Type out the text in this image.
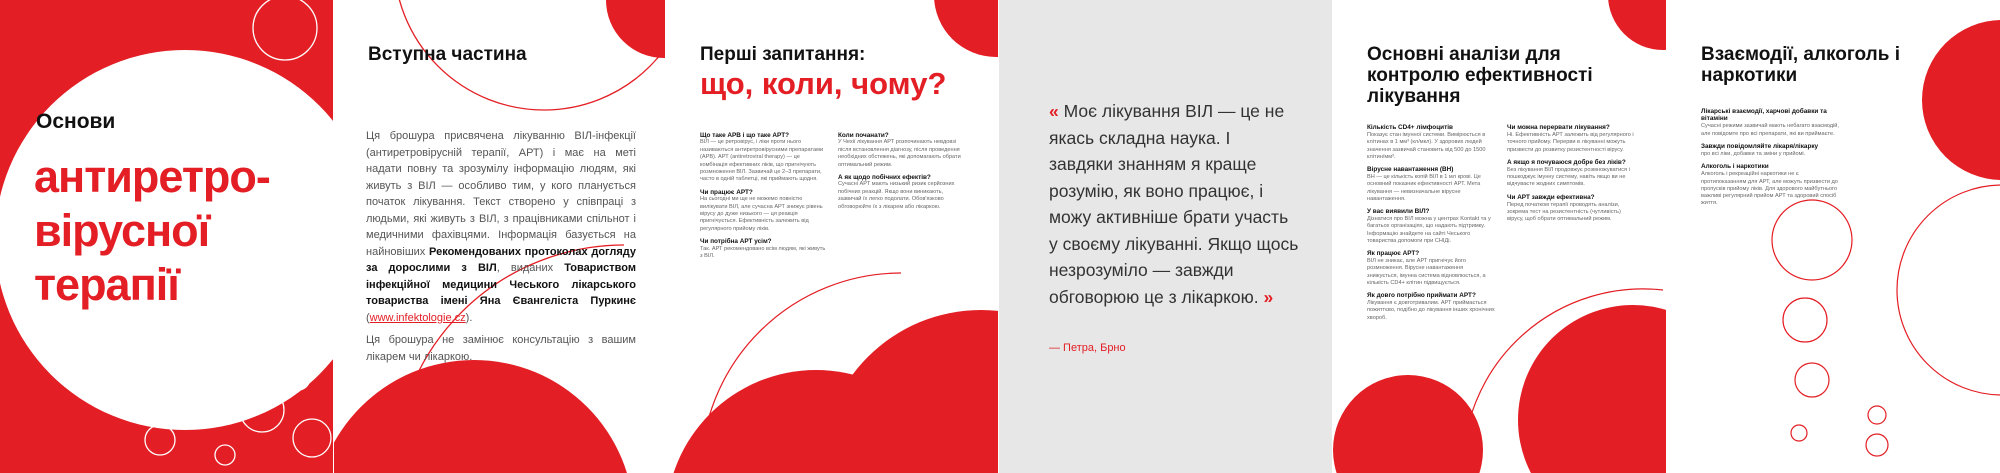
Основи
антиретро-
вірусної
терапії
Вступна частина

Ця брошура присвячена лікуванню ВІЛ-інфекції (антиретровірусній терапії, АРТ) і має на меті надати повну та зрозумілу інформацію людям, які живуть з ВІЛ — особливо тим, у кого планується початок лікування. Текст створено у співпраці з людьми, які живуть з ВІЛ, з працівниками спільнот і медичними фахівцями. Інформація базується на найновіших Рекомендованих протоколах догляду за дорослими з ВІЛ, виданих Товариством інфекційної медицини Чеського лікарського товариства імені Яна Євангеліста Пуркинє (www.infektologie.cz).

Ця брошура не замінює консультацію з вашим лікарем чи лікаркою.

Перші запитання:
що, коли, чому?
Що таке АРВ і що таке АРТ?
ВІЛ — це ретровірус, і ліки проти нього називаються антиретровірусними препаратами (АРВ). АРТ (antiretroviral therapy) — це комбінація ефективних ліків, що пригнічують розмноження ВІЛ. Зазвичай це 2–3 препарати, часто в одній таблетці, які приймають щодня.
Чи працює АРТ?
На сьогодні ми ще не можемо повністю вилікувати ВІЛ, але сучасна АРТ знижує рівень вірусу до дуже низького — ця реакція пригнічується. Ефективність залежить від регулярного прийому ліків.
Чи потрібна АРТ усім?
Так. АРТ рекомендовано всім людям, які живуть з ВІЛ.
Коли почанати?
У Чехії лікування АРТ розпочинають невдовзі після встановлення діагнозу, після проведення необхідних обстежень, які допомагають обрати оптимальний режим.
А як щодо побічних ефектів?
Сучасні АРТ мають низький ризик серйозних побічних реакцій. Якщо вони виникають, зазвичай їх легко подолати. Обов'язково обговорюйте їх з лікарем або лікаркою.
« Моє лікування ВІЛ — це не якась складна наука. І завдяки знанням я краще розумію, як воно працює, і можу активніше брати участь у своєму лікуванні. Якщо щось незрозуміло — завжди обговорюю це з лікаркою. »
— Петра, Брно
Основні аналізи для контролю ефективності лікування
Кількість CD4+ лімфоцитів

Показує стан імунної системи. Вимірюється в клітинах в 1 мм³ (кл/мкл). У здорових людей значення зазвичай становить від 500 до 1500 клітин/мм³.

Вірусне навантаження (ВН)

ВН — це кількість копій ВІЛ в 1 мл крові. Це основний показник ефективності АРТ. Мета лікування — невизначальне вірусне навантаження.

У вас виявили ВІЛ?

Дізнатися про ВІЛ можна у центрах Kontakt та у багатьох організаціях, що надають підтримку. Інформацію знайдете на сайті Чеського товариства допомоги при СНІДі.

Як працює АРТ?

ВІЛ не зникає, але АРТ пригнічує його розмноження. Вірусне навантаження знижується, імунна система відновлюється, а кількість CD4+ клітин підвищується.

Як довго потрібно приймати АРТ?

Лікування є довготривалим. АРТ приймається пожиттєво, подібно до лікування інших хронічних хвороб.

Чи можна перервати лікування?

Ні. Ефективність АРТ залежить від регулярного і точного прийому. Перерви в лікуванні можуть призвести до розвитку резистентності вірусу.

А якщо я почуваюся добре без ліків?

Без лікування ВІЛ продовжує розмножуватися і пошкоджує імунну систему, навіть якщо ви не відчуваєте жодних симптомів.

Чи АРТ завжди ефективна?

Перед початком терапії проводять аналізи, зокрема тест на резистентність (чутливість) вірусу, щоб обрати оптимальний режим.

Взаємодії, алкоголь і наркотики
Лікарські взаємодії, харчові добавки та вітаміни

Сучасні режими зазвичай мають небагато взаємодій, але повідомте про всі препарати, які ви приймаєте.

Завжди повідомляйте лікаря/лікарку

про всі ліки, добавки та зміни у прийомі.

Алкоголь і наркотики

Алкоголь і рекреаційні наркотики не є протипоказанням для АРТ, але можуть призвести до пропусків прийому ліків. Для здорового майбутнього важливі регулярний прийом АРТ та здоровий спосіб життя.
